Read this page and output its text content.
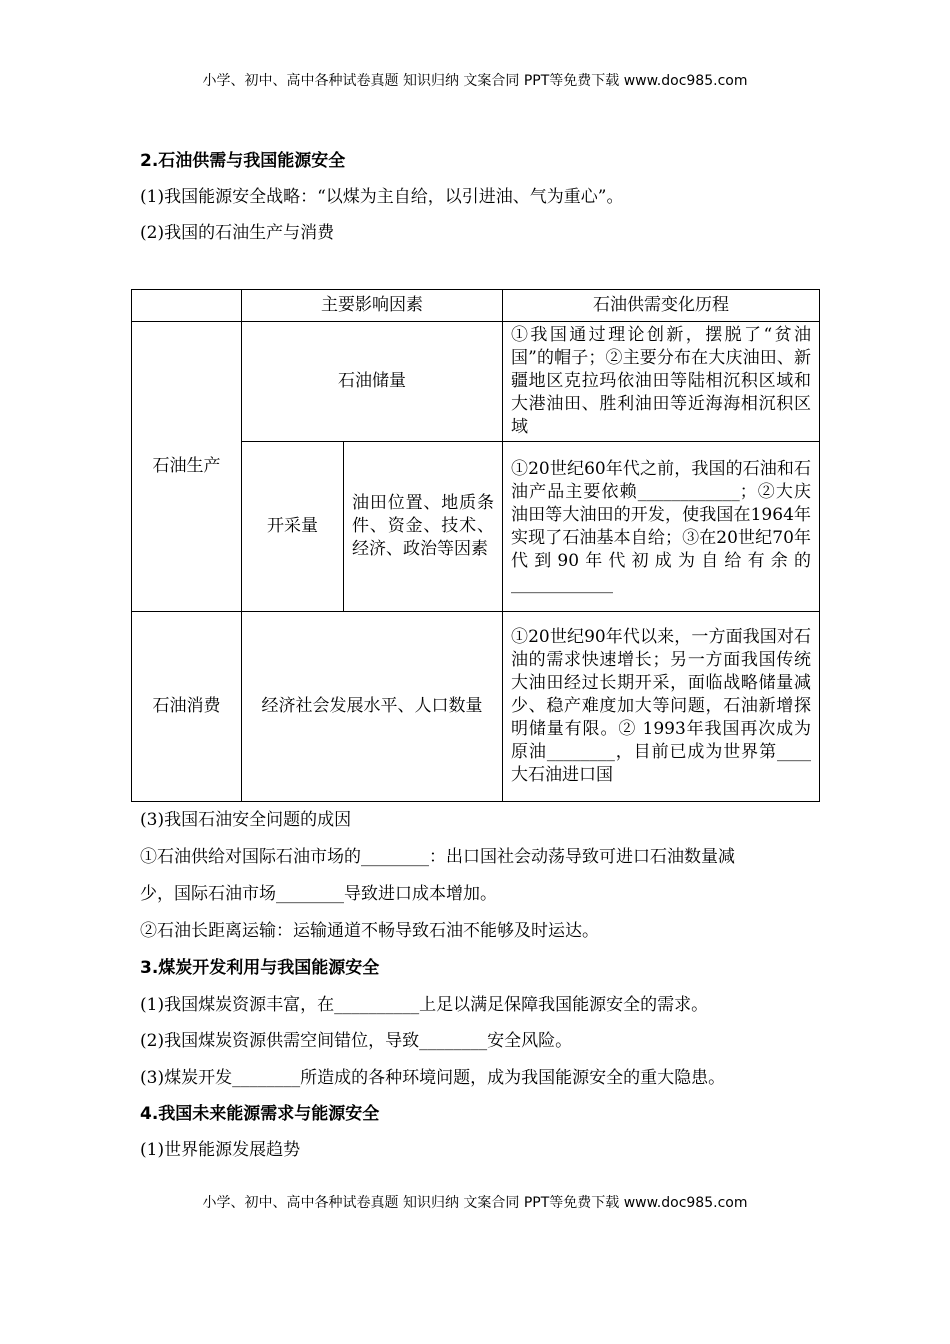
小学、初中、高中各种试卷真题 知识归纳 文案合同 PPT等免费下载 www.doc985.com
2.石油供需与我国能源安全
(1)我国能源安全战略：“以煤为主自给，以引进油、气为重心”。
(2)我国的石油生产与消费
	主要影响因素		石油供需变化历程
石油生产	石油储量		①我国通过理论创新，摆脱了“贫油国”的帽子；②主要分布在大庆油田、新疆地区克拉玛依油田等陆相沉积区域和大港油田、胜利油田等近海海相沉积区域
	开采量	油田位置、地质条件、资金、技术、经济、政治等因素	①20世纪60年代之前，我国的石油和石油产品主要依赖____________；②大庆油田等大油田的开发，使我国在1964年实现了石油基本自给；③在20世纪70年代到90年代初成为自给有余的____________
石油消费	经济社会发展水平、人口数量		①20世纪90年代以来，一方面我国对石油的需求快速增长；另一方面我国传统大油田经过长期开采，面临战略储量减少、稳产难度加大等问题，石油新增探明储量有限。② 1993年我国再次成为原油________，目前已成为世界第____大石油进口国
(3)我国石油安全问题的成因
①石油供给对国际石油市场的________：出口国社会动荡导致可进口石油数量减
少，国际石油市场________导致进口成本增加。
②石油长距离运输：运输通道不畅导致石油不能够及时运达。
3.煤炭开发利用与我国能源安全
(1)我国煤炭资源丰富，在__________上足以满足保障我国能源安全的需求。
(2)我国煤炭资源供需空间错位，导致________安全风险。
(3)煤炭开发________所造成的各种环境问题，成为我国能源安全的重大隐患。
4.我国未来能源需求与能源安全
(1)世界能源发展趋势
小学、初中、高中各种试卷真题 知识归纳 文案合同 PPT等免费下载 www.doc985.com
